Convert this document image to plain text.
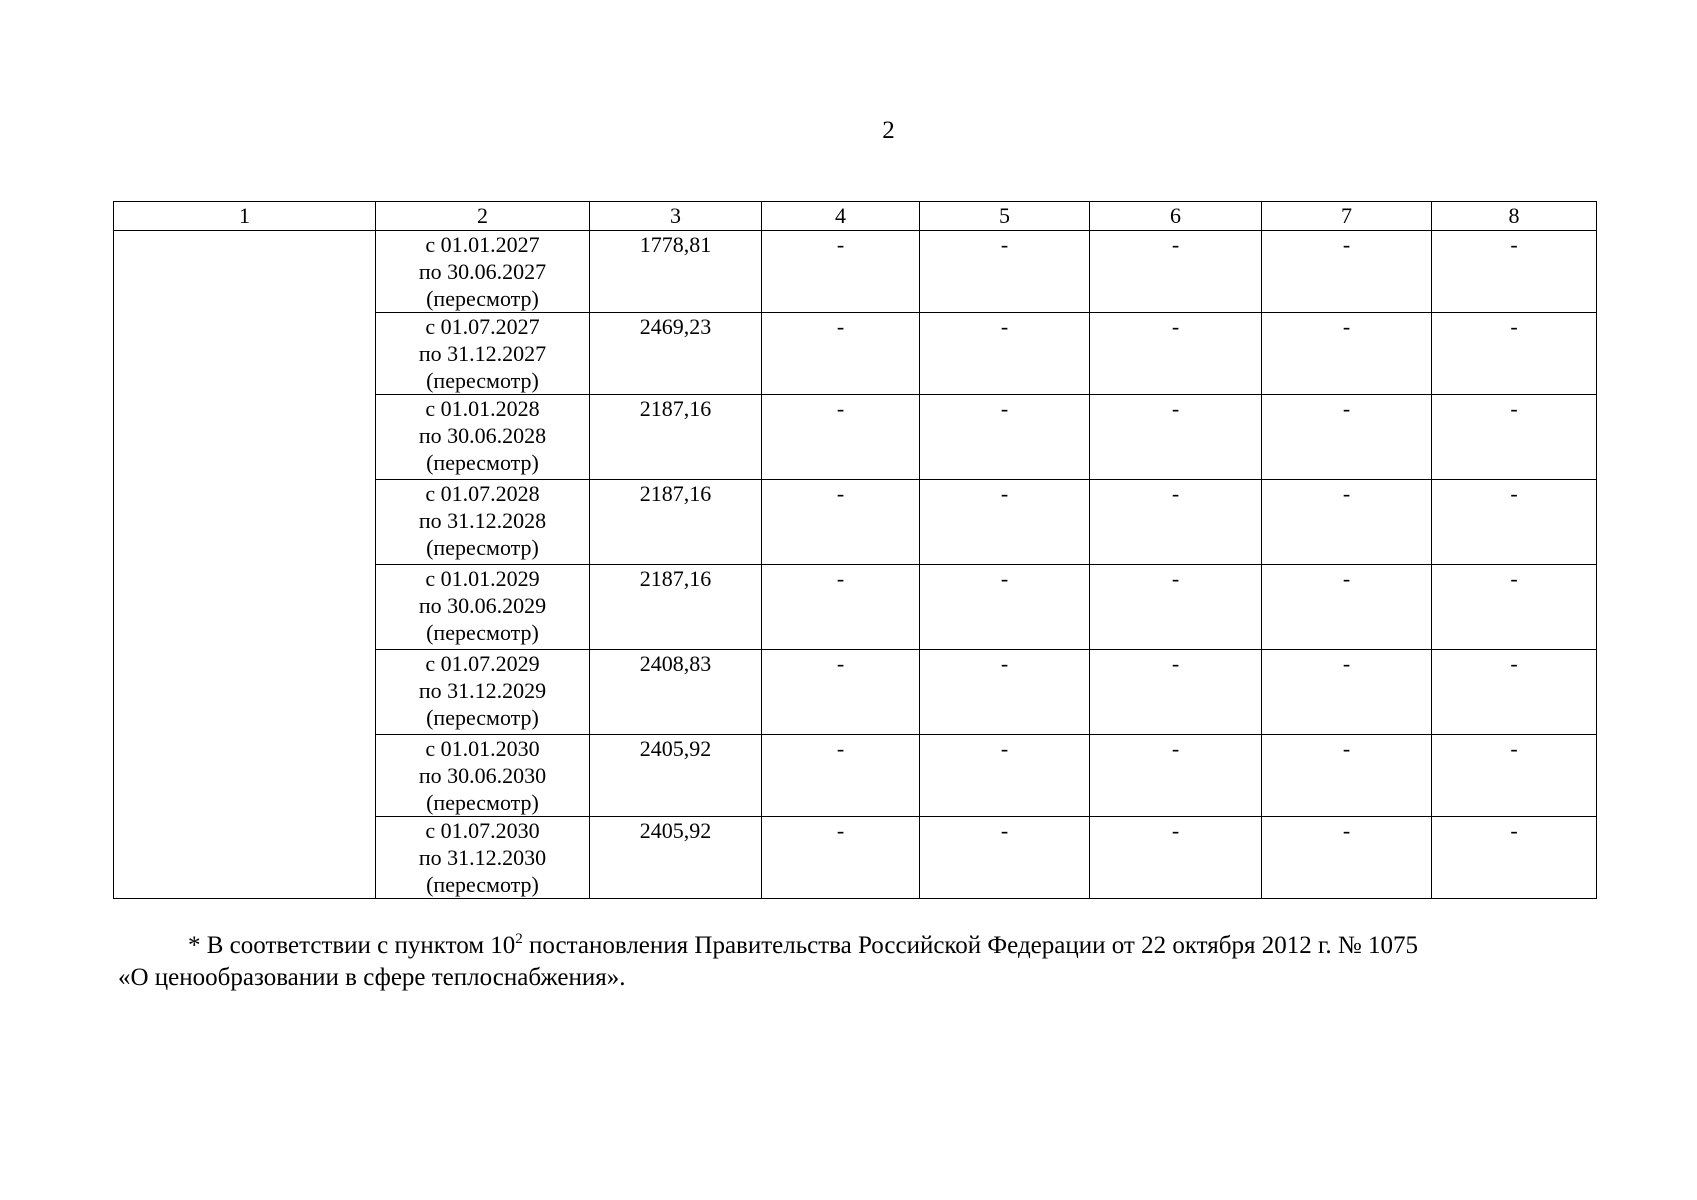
2
1	2	3	4	5	6	7	8

	с 01.01.2027
по 30.06.2027
(пересмотр)	1778,81	-	-	-	-	-

	с 01.07.2027
по 31.12.2027
(пересмотр)	2469,23	-	-	-	-	-

	с 01.01.2028
по 30.06.2028
(пересмотр)	2187,16	-	-	-	-	-

	с 01.07.2028
по 31.12.2028
(пересмотр)	2187,16	-	-	-	-	-

	с 01.01.2029
по 30.06.2029
(пересмотр)	2187,16	-	-	-	-	-

	с 01.07.2029
по 31.12.2029
(пересмотр)	2408,83	-	-	-	-	-

	с 01.01.2030
по 30.06.2030
(пересмотр)	2405,92	-	-	-	-	-

	с 01.07.2030
по 31.12.2030
(пересмотр)	2405,92	-	-	-	-	-
* В соответствии с пунктом $10^2$ постановления Правительства Российской Федерации от 22 октября 2012 г. № 1075
«О ценообразовании в сфере теплоснабжения».
